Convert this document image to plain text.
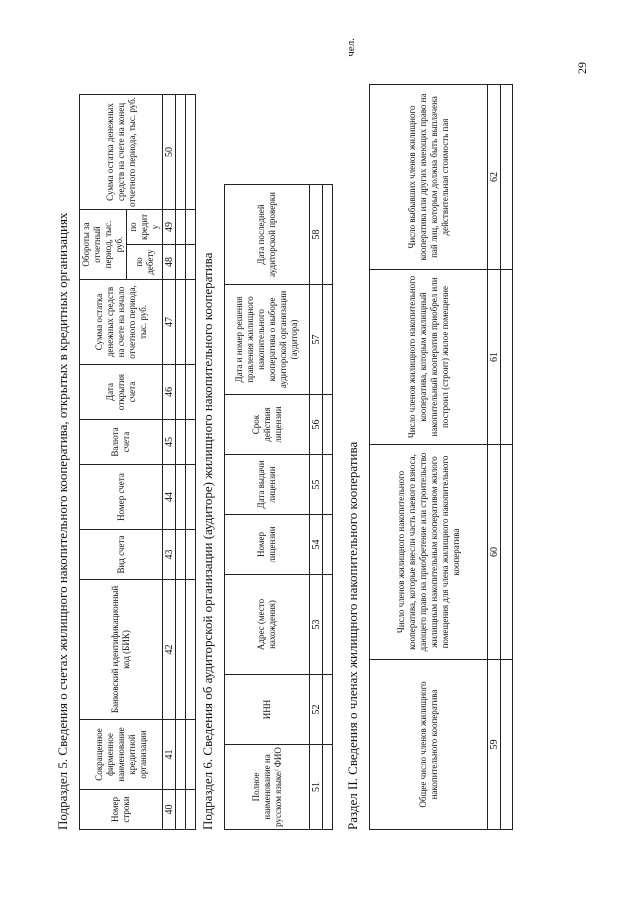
29
Подраздел 5. Сведения о счетах жилищного накопительного кооператива, открытых в кредитных организациях	Номер строки	Сокращенное фирменное наименование кредитной организации	Банковский идентификационный код (БИК)	Вид счета	Номер счета	Валюта счета	Дата открытия счета	Сумма остатка денежных средств на счете на начало отчетного периода, тыс. руб.	Обороты за отчетный период, тыс. руб.		Сумма остатка денежных средств на счете на конец отчетного периода, тыс. руб.
								по дебету	по кредиту	
40	41	42	43	44	45	46	47	48	49	50

Подраздел 6. Сведения об аудиторской организации (аудиторе) жилищного накопительного кооператива	Полное наименование на русском языке/ ФИО	ИНН	Адрес (место нахождения)	Номер лицензии	Дата выдачи лицензии	Срок действия лицензии	Дата и номер решения правления жилищного накопительного кооператива о выборе аудиторской организации (аудитора)	Дата последней аудиторской проверки
51	52	53	54	55	56	57	58

Раздел II. Сведения о членах жилищного накопительного кооператива
чел.
Общее число членов жилищного накопительного кооператива	Число членов жилищного накопительного кооператива, которые внесли часть паевого взноса, дающего право на приобретение или строительство жилищным накопительным кооперативом жилого помещения для члена жилищного накопительного кооператива	Число членов жилищного накопительного кооператива, которым жилищный накопительный кооператив приобрел или построил (строит) жилое помещение	Число выбывших членов жилищного кооператива или других имеющих право на пай лиц, которым должна быть выплачена действительная стоимость пая
59	60	61	62
